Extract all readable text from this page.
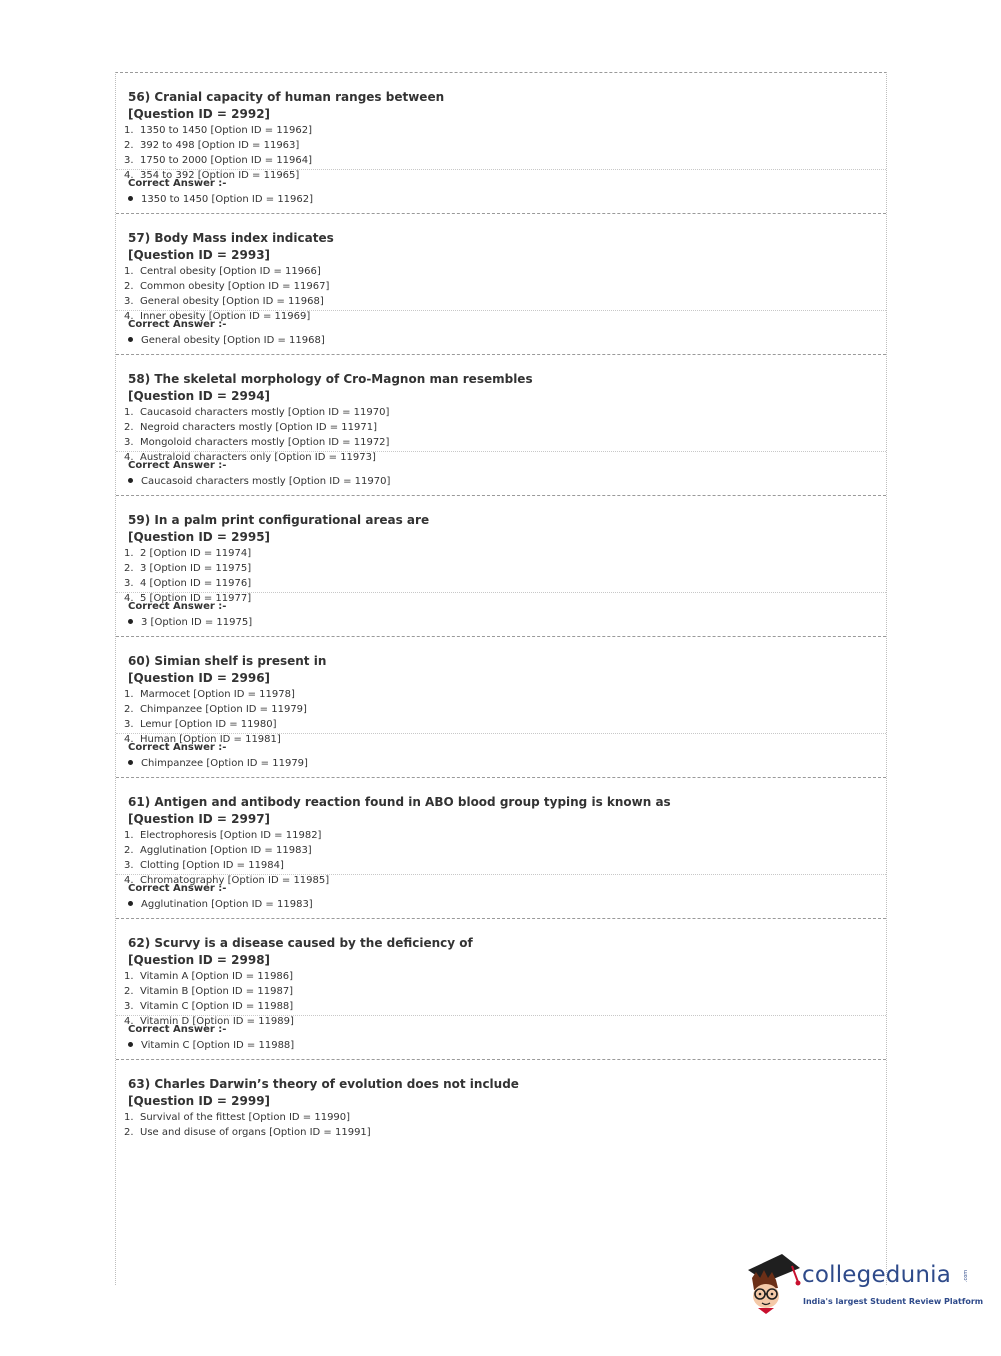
56) Cranial capacity of human ranges between
[Question ID = 2992]
1. 1350 to 1450 [Option ID = 11962]
2. 392 to 498 [Option ID = 11963]
3. 1750 to 2000 [Option ID = 11964]
4. 354 to 392 [Option ID = 11965]
Correct Answer :-
1350 to 1450 [Option ID = 11962]
57) Body Mass index indicates
[Question ID = 2993]
1. Central obesity [Option ID = 11966]
2. Common obesity [Option ID = 11967]
3. General obesity [Option ID = 11968]
4. Inner obesity [Option ID = 11969]
Correct Answer :-
General obesity [Option ID = 11968]
58) The skeletal morphology of Cro-Magnon man resembles
[Question ID = 2994]
1. Caucasoid characters mostly [Option ID = 11970]
2. Negroid characters mostly [Option ID = 11971]
3. Mongoloid characters mostly [Option ID = 11972]
4. Australoid characters only [Option ID = 11973]
Correct Answer :-
Caucasoid characters mostly [Option ID = 11970]
59) In a palm print configurational areas are
[Question ID = 2995]
1. 2 [Option ID = 11974]
2. 3 [Option ID = 11975]
3. 4 [Option ID = 11976]
4. 5 [Option ID = 11977]
Correct Answer :-
3 [Option ID = 11975]
60) Simian shelf is present in
[Question ID = 2996]
1. Marmocet [Option ID = 11978]
2. Chimpanzee [Option ID = 11979]
3. Lemur [Option ID = 11980]
4. Human [Option ID = 11981]
Correct Answer :-
Chimpanzee [Option ID = 11979]
61) Antigen and antibody reaction found in ABO blood group typing is known as
[Question ID = 2997]
1. Electrophoresis [Option ID = 11982]
2. Agglutination [Option ID = 11983]
3. Clotting [Option ID = 11984]
4. Chromatography [Option ID = 11985]
Correct Answer :-
Agglutination [Option ID = 11983]
62) Scurvy is a disease caused by the deficiency of
[Question ID = 2998]
1. Vitamin A [Option ID = 11986]
2. Vitamin B [Option ID = 11987]
3. Vitamin C [Option ID = 11988]
4. Vitamin D [Option ID = 11989]
Correct Answer :-
Vitamin C [Option ID = 11988]
63) Charles Darwin’s theory of evolution does not include
[Question ID = 2999]
1. Survival of the fittest [Option ID = 11990]
2. Use and disuse of organs [Option ID = 11991]
collegedunia .com
India's largest Student Review Platform
